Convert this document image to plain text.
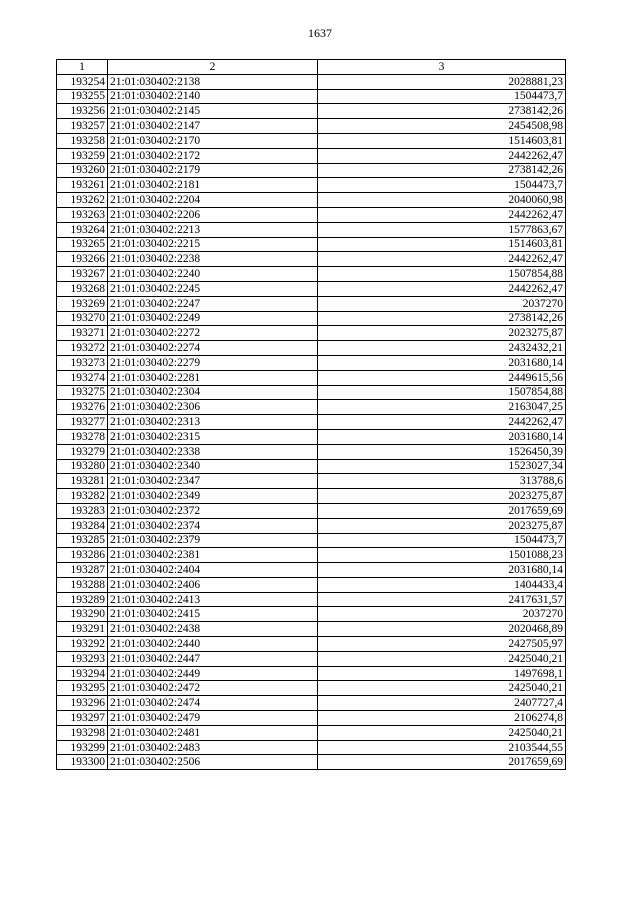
1637
1	2	3
193254	21:01:030402:2138	2028881,23
193255	21:01:030402:2140	1504473,7
193256	21:01:030402:2145	2738142,26
193257	21:01:030402:2147	2454508,98
193258	21:01:030402:2170	1514603,81
193259	21:01:030402:2172	2442262,47
193260	21:01:030402:2179	2738142,26
193261	21:01:030402:2181	1504473,7
193262	21:01:030402:2204	2040060,98
193263	21:01:030402:2206	2442262,47
193264	21:01:030402:2213	1577863,67
193265	21:01:030402:2215	1514603,81
193266	21:01:030402:2238	2442262,47
193267	21:01:030402:2240	1507854,88
193268	21:01:030402:2245	2442262,47
193269	21:01:030402:2247	2037270
193270	21:01:030402:2249	2738142,26
193271	21:01:030402:2272	2023275,87
193272	21:01:030402:2274	2432432,21
193273	21:01:030402:2279	2031680,14
193274	21:01:030402:2281	2449615,56
193275	21:01:030402:2304	1507854,88
193276	21:01:030402:2306	2163047,25
193277	21:01:030402:2313	2442262,47
193278	21:01:030402:2315	2031680,14
193279	21:01:030402:2338	1526450,39
193280	21:01:030402:2340	1523027,34
193281	21:01:030402:2347	313788,6
193282	21:01:030402:2349	2023275,87
193283	21:01:030402:2372	2017659,69
193284	21:01:030402:2374	2023275,87
193285	21:01:030402:2379	1504473,7
193286	21:01:030402:2381	1501088,23
193287	21:01:030402:2404	2031680,14
193288	21:01:030402:2406	1404433,4
193289	21:01:030402:2413	2417631,57
193290	21:01:030402:2415	2037270
193291	21:01:030402:2438	2020468,89
193292	21:01:030402:2440	2427505,97
193293	21:01:030402:2447	2425040,21
193294	21:01:030402:2449	1497698,1
193295	21:01:030402:2472	2425040,21
193296	21:01:030402:2474	2407727,4
193297	21:01:030402:2479	2106274,8
193298	21:01:030402:2481	2425040,21
193299	21:01:030402:2483	2103544,55
193300	21:01:030402:2506	2017659,69
